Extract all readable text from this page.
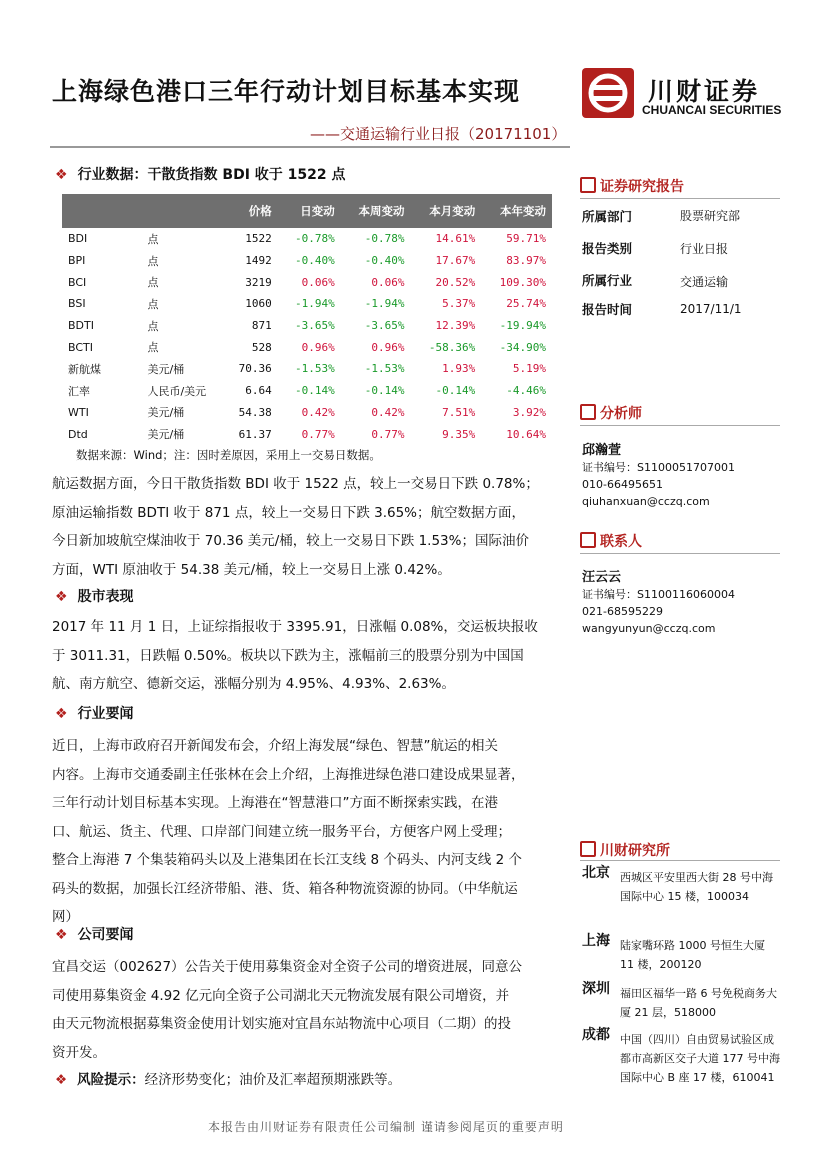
上海绿色港口三年行动计划目标基本实现
——交通运输行业日报（20171101）
川财证券
CHUANCAI SECURITIES
❖ 行业数据：干散货指数 BDI 收于 1522 点
		价格	日变动	本周变动	本月变动	本年变动
BDI	点	1522	-0.78%	-0.78%	14.61%	59.71%
BPI	点	1492	-0.40%	-0.40%	17.67%	83.97%
BCI	点	3219	0.06%	0.06%	20.52%	109.30%
BSI	点	1060	-1.94%	-1.94%	5.37%	25.74%
BDTI	点	871	-3.65%	-3.65%	12.39%	-19.94%
BCTI	点	528	0.96%	0.96%	-58.36%	-34.90%
新航煤	美元/桶	70.36	-1.53%	-1.53%	1.93%	5.19%
汇率	人民币/美元	6.64	-0.14%	-0.14%	-0.14%	-4.46%
WTI	美元/桶	54.38	0.42%	0.42%	7.51%	3.92%
Dtd	美元/桶	61.37	0.77%	0.77%	9.35%	10.64%
数据来源：Wind；注：因时差原因，采用上一交易日数据。

航运数据方面，今日干散货指数 BDI 收于 1522 点，较上一交易日下跌 0.78%；

原油运输指数 BDTI 收于 871 点，较上一交易日下跌 3.65%；航空数据方面，

今日新加坡航空煤油收于 70.36 美元/桶，较上一交易日下跌 1.53%；国际油价

方面，WTI 原油收于 54.38 美元/桶，较上一交易日上涨 0.42%。

❖ 股市表现

2017 年 11 月 1 日，上证综指报收于 3395.91，日涨幅 0.08%，交运板块报收

于 3011.31，日跌幅 0.50%。板块以下跌为主，涨幅前三的股票分别为中国国

航、南方航空、德新交运，涨幅分别为 4.95%、4.93%、2.63%。

❖ 行业要闻

近日，上海市政府召开新闻发布会，介绍上海发展“绿色、智慧”航运的相关

内容。上海市交通委副主任张林在会上介绍，上海推进绿色港口建设成果显著，

三年行动计划目标基本实现。上海港在“智慧港口”方面不断探索实践，在港

口、航运、货主、代理、口岸部门间建立统一服务平台，方便客户网上受理；

整合上海港 7 个集装箱码头以及上港集团在长江支线 8 个码头、内河支线 2 个

码头的数据，加强长江经济带船、港、货、箱各种物流资源的协同。（中华航运

网）

❖ 公司要闻

宜昌交运（002627）公告关于使用募集资金对全资子公司的增资进展，同意公

司使用募集资金 4.92 亿元向全资子公司湖北天元物流发展有限公司增资，并

由天元物流根据募集资金使用计划实施对宜昌东站物流中心项目（二期）的投

资开发。

❖ 风险提示：经济形势变化；油价及汇率超预期涨跌等。
证券研究报告
所属部门	股票研究部
报告类别	行业日报
所属行业	交通运输
报告时间	2017/11/1
分析师
邱瀚萱
证书编号：S1100051707001
010-66495651
qiuhanxuan@cczq.com
联系人
汪云云
证书编号：S1100116060004
021-68595229
wangyunyun@cczq.com
川财研究所
北京 西城区平安里西大街 28 号中海国际中心 15 楼，100034
上海 陆家嘴环路 1000 号恒生大厦 11 楼，200120
深圳 福田区福华一路 6 号免税商务大厦 21 层，518000
成都 中国（四川）自由贸易试验区成都市高新区交子大道 177 号中海国际中心 B 座 17 楼，610041
本报告由川财证券有限责任公司编制 谨请参阅尾页的重要声明
